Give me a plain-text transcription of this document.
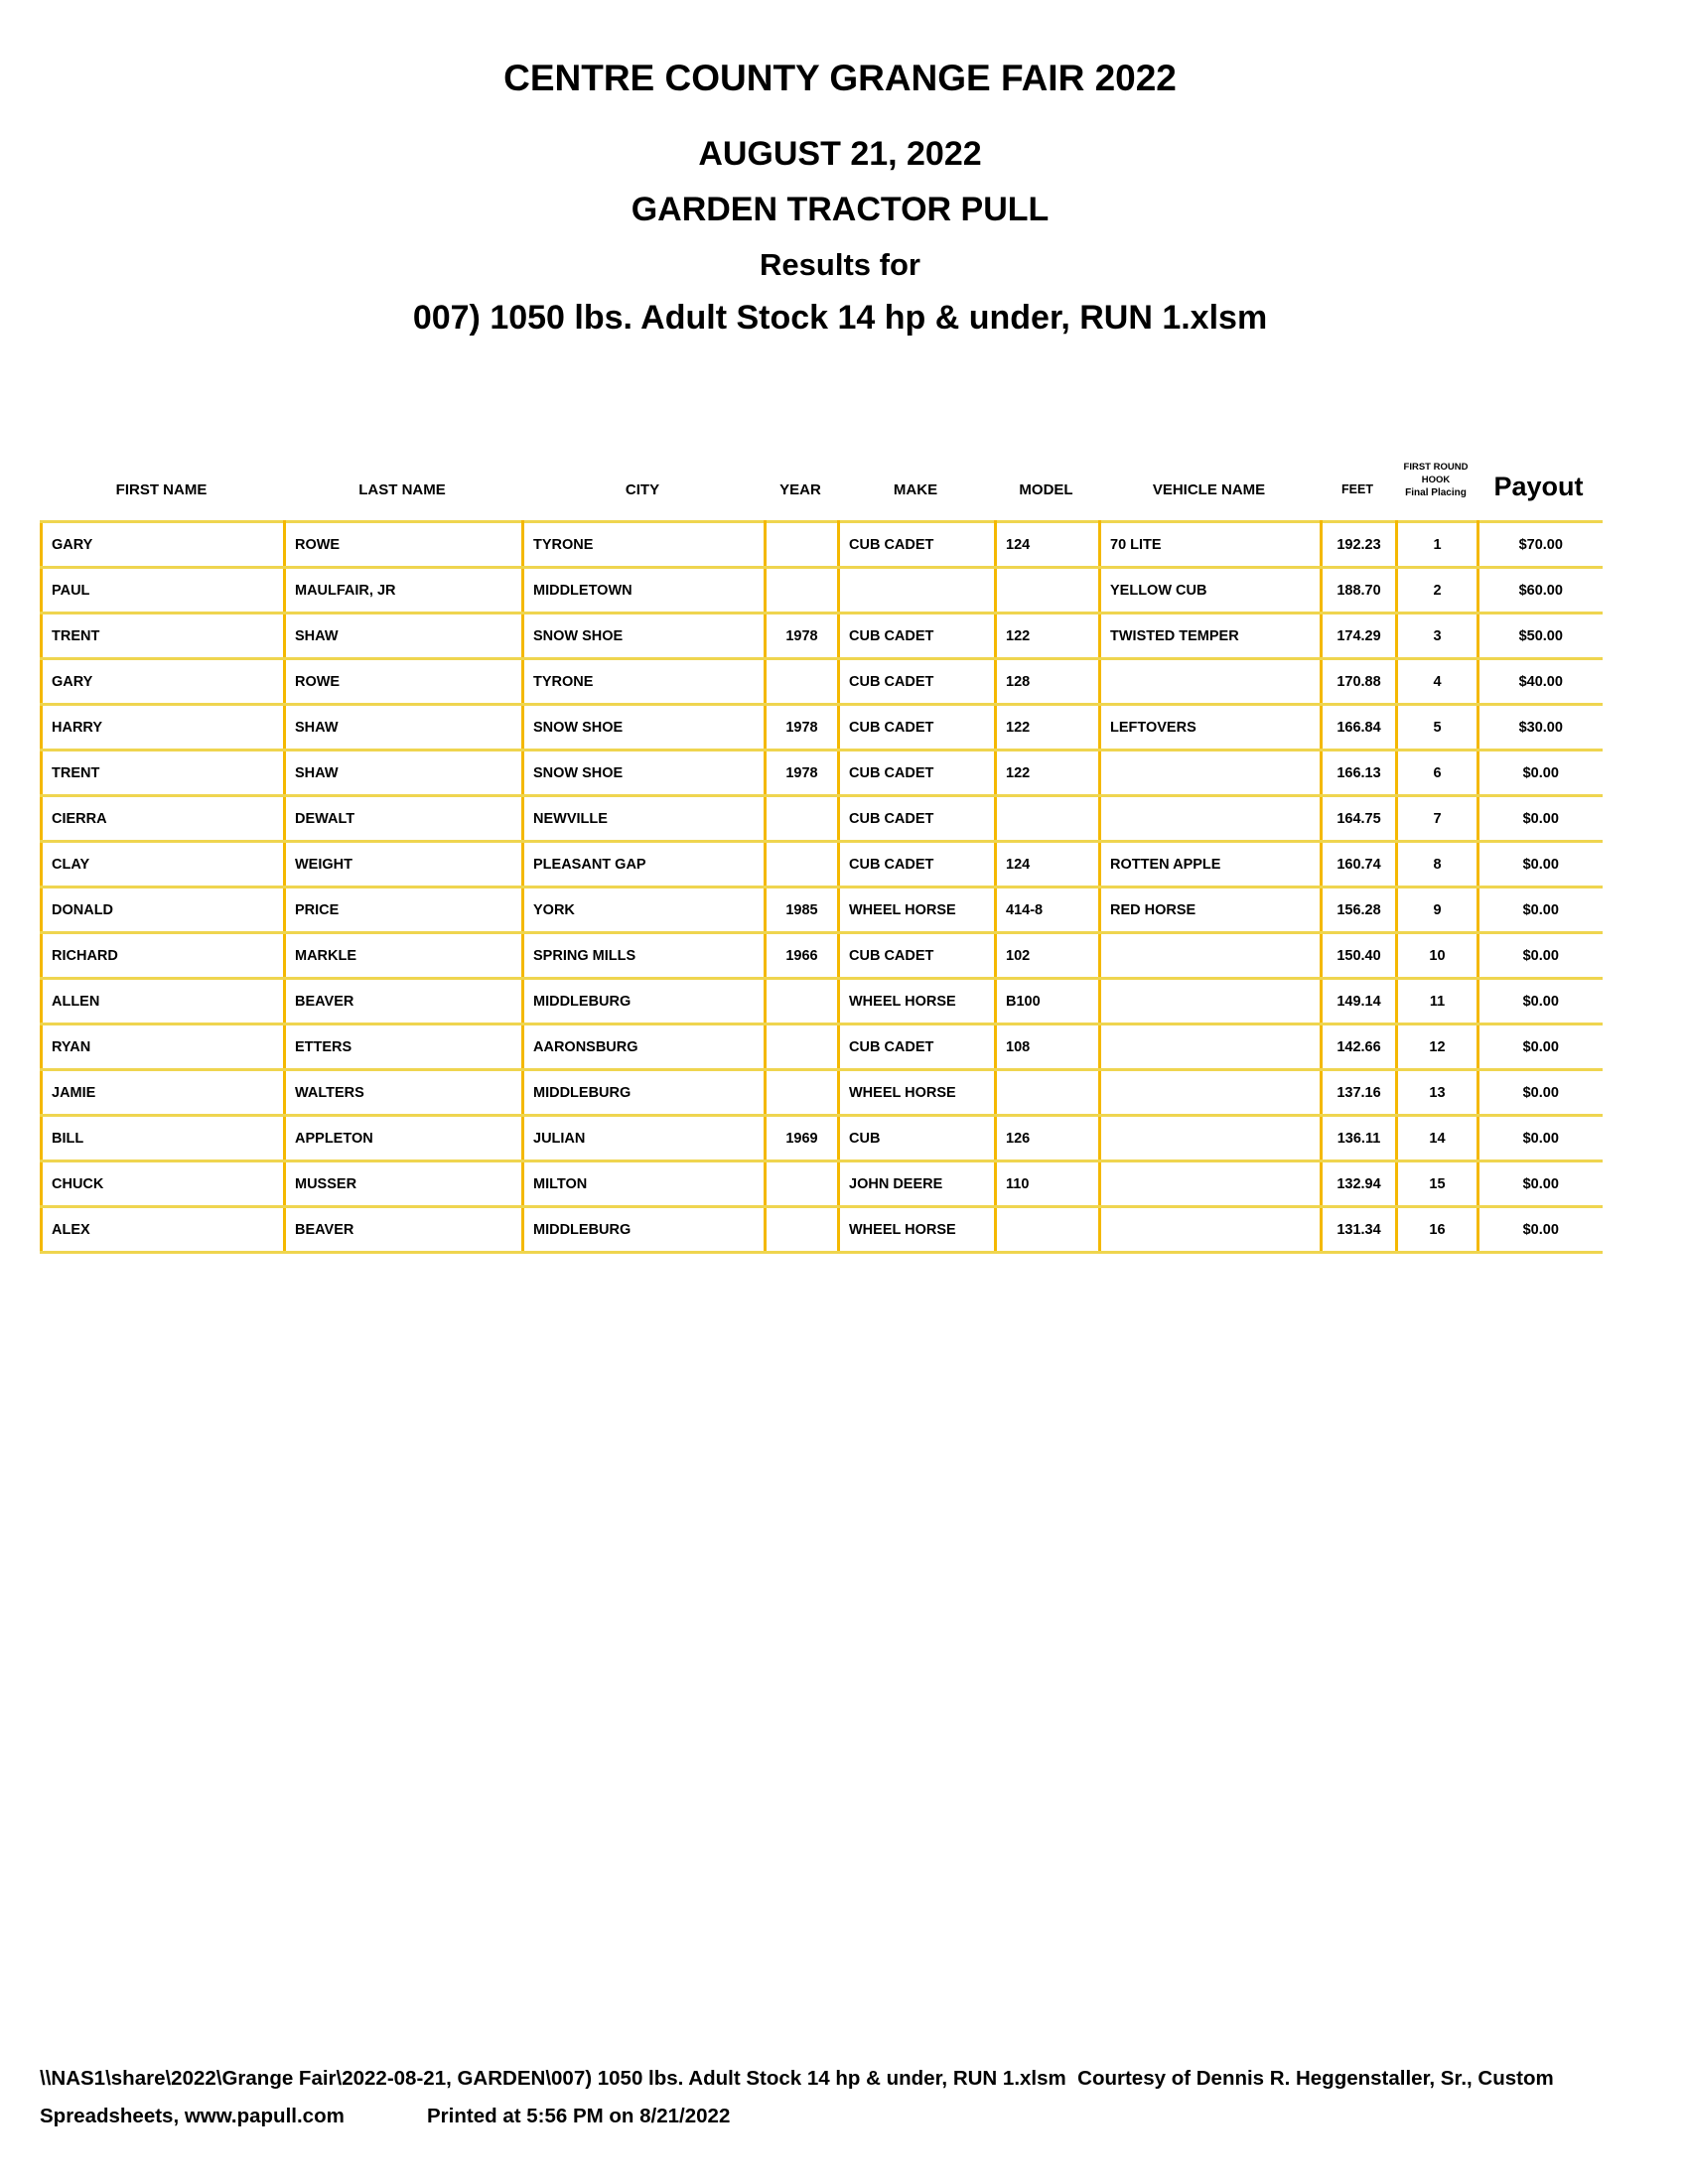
CENTRE COUNTY GRANGE FAIR 2022
AUGUST 21, 2022
GARDEN TRACTOR PULL
Results for
007) 1050 lbs. Adult Stock 14 hp & under, RUN 1.xlsm
FIRST NAME	LAST NAME	CITY	YEAR	MAKE	MODEL	VEHICLE NAME	FEET
FIRST ROUND
HOOK
Final Placing	Payout
GARY	ROWE	TYRONE		CUB CADET	124	70 LITE	192.23	1	$70.00
PAUL	MAULFAIR, JR	MIDDLETOWN				YELLOW CUB	188.70	2	$60.00
TRENT	SHAW	SNOW SHOE	1978	CUB CADET	122	TWISTED TEMPER	174.29	3	$50.00
GARY	ROWE	TYRONE		CUB CADET	128		170.88	4	$40.00
HARRY	SHAW	SNOW SHOE	1978	CUB CADET	122	LEFTOVERS	166.84	5	$30.00
TRENT	SHAW	SNOW SHOE	1978	CUB CADET	122		166.13	6	$0.00
CIERRA	DEWALT	NEWVILLE		CUB CADET			164.75	7	$0.00
CLAY	WEIGHT	PLEASANT GAP		CUB CADET	124	ROTTEN APPLE	160.74	8	$0.00
DONALD	PRICE	YORK	1985	WHEEL HORSE	414-8	RED HORSE	156.28	9	$0.00
RICHARD	MARKLE	SPRING MILLS	1966	CUB CADET	102		150.40	10	$0.00
ALLEN	BEAVER	MIDDLEBURG		WHEEL HORSE	B100		149.14	11	$0.00
RYAN	ETTERS	AARONSBURG		CUB CADET	108		142.66	12	$0.00
JAMIE	WALTERS	MIDDLEBURG		WHEEL HORSE			137.16	13	$0.00
BILL	APPLETON	JULIAN	1969	CUB	126		136.11	14	$0.00
CHUCK	MUSSER	MILTON		JOHN DEERE	110		132.94	15	$0.00
ALEX	BEAVER	MIDDLEBURG		WHEEL HORSE			131.34	16	$0.00
\\NAS1\share\2022\Grange Fair\2022-08-21, GARDEN\007) 1050 lbs. Adult Stock 14 hp & under, RUN 1.xlsm  Courtesy of Dennis R. Heggenstaller, Sr., Custom
Spreadsheets, www.papull.com	Printed at 5:56 PM on 8/21/2022
